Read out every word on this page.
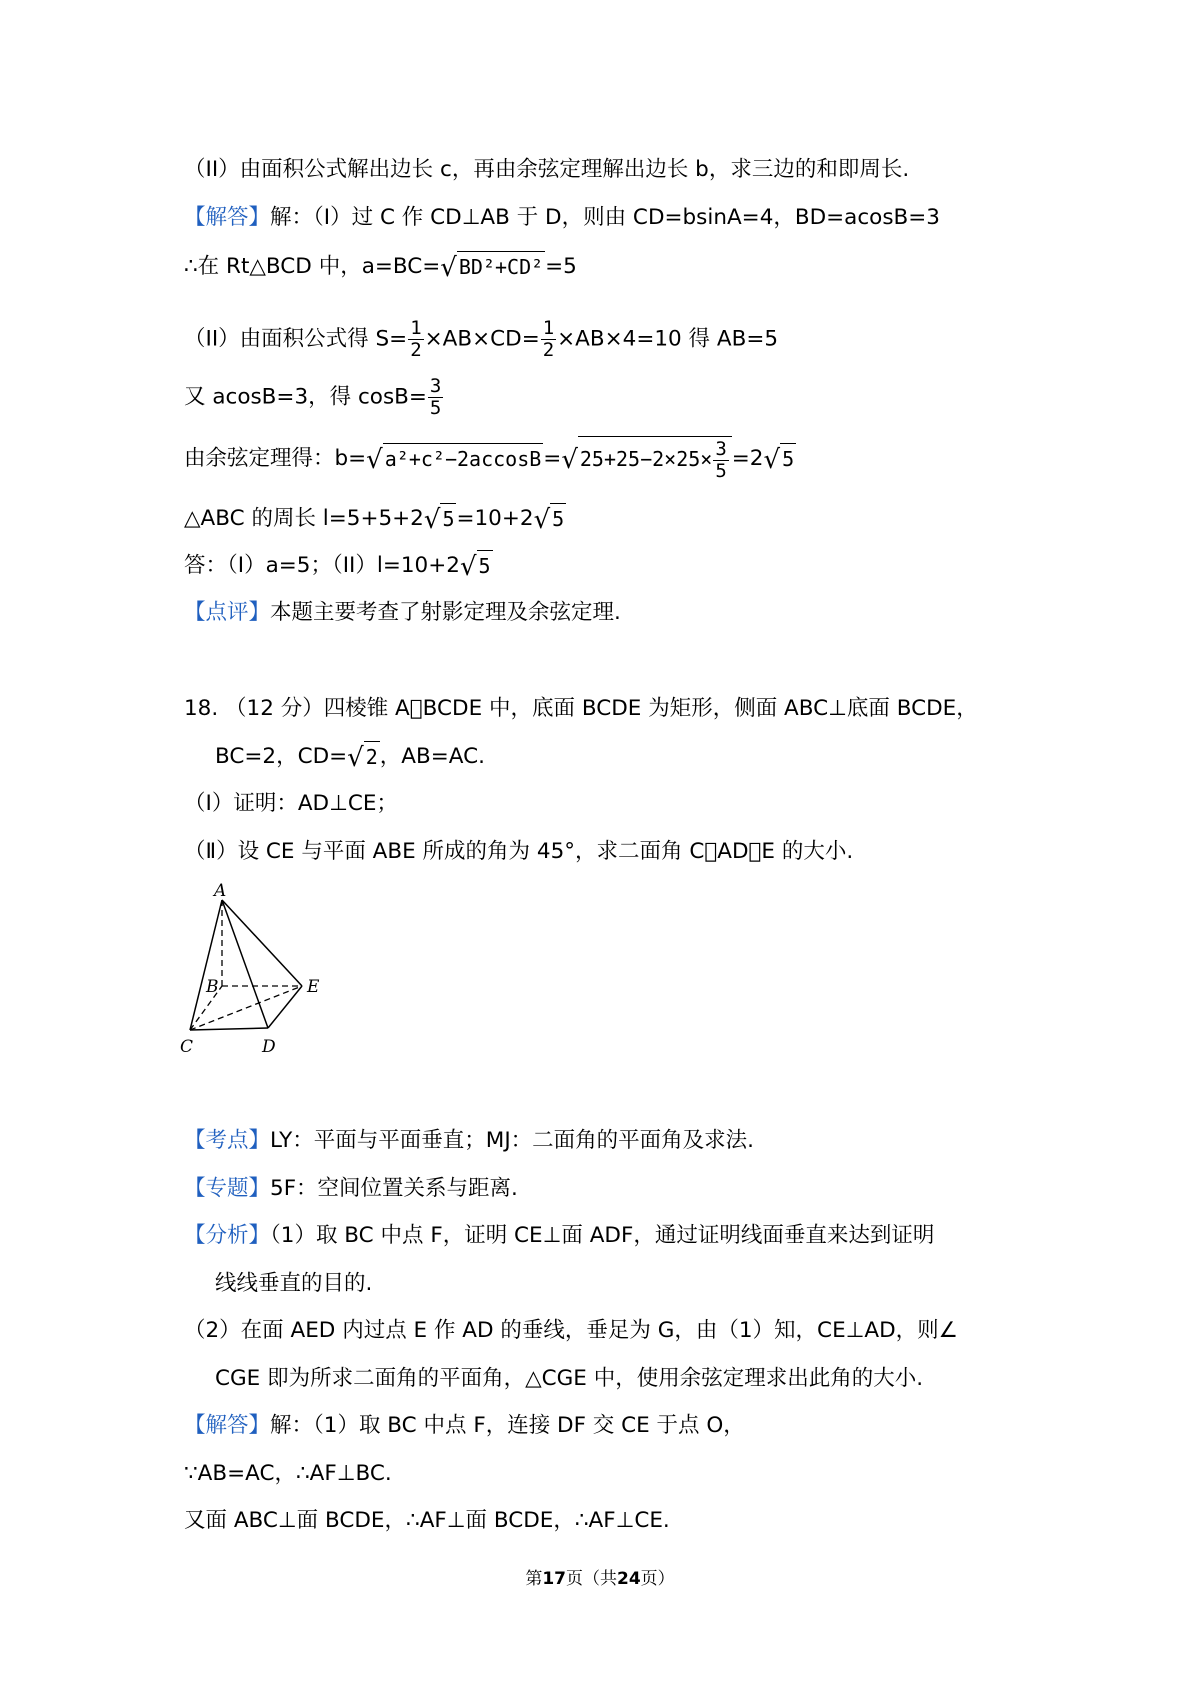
（II）由面积公式解出边长 c，再由余弦定理解出边长 b，求三边的和即周长.
【解答】解：（I）过 C 作 CD⊥AB 于 D，则由 CD=bsinA=4，BD=acosB=3
∴在 Rt△BCD 中，a=BC=√ BD²+CD²=5
（II）由面积公式得 $S= \frac{1}{2} \times AB\times CD= \frac{1}{2} \times AB\times 4=10$ 得 AB=5
又 acosB=3，得 $\cos B= \frac{3}{5}$
由余弦定理得：b=√ a²+c²−2accosB=√ $25+25-2\times 25\times \frac{3}{5} =2√$ 5
△ABC 的周长 l=5+5+2√ 5=10+2√ 5
答：（I）a=5；（II）l=10+2√ 5
【点评】本题主要考查了射影定理及余弦定理.
18. （12 分）四棱锥 A￾BCDE 中，底面 BCDE 为矩形，侧面 ABC⊥底面 BCDE，
BC=2，CD=√ 2，AB=AC.
（Ⅰ）证明：AD⊥CE；
（Ⅱ）设 CE 与平面 ABE 所成的角为 45°，求二面角 C￾AD￾E 的大小.
A
B
C	D
E
【考点】LY：平面与平面垂直；MJ：二面角的平面角及求法.
【专题】5F：空间位置关系与距离.
【分析】（1）取 BC 中点 F，证明 CE⊥面 ADF，通过证明线面垂直来达到证明
线线垂直的目的.
（2）在面 AED 内过点 E 作 AD 的垂线，垂足为 G，由（1）知，CE⊥AD，则∠
CGE 即为所求二面角的平面角，△CGE 中，使用余弦定理求出此角的大小.
【解答】解：（1）取 BC 中点 F，连接 DF 交 CE 于点 O，
∵AB=AC，∴AF⊥BC.
又面 ABC⊥面 BCDE，∴AF⊥面 BCDE，∴AF⊥CE.
第17页（共24页）
